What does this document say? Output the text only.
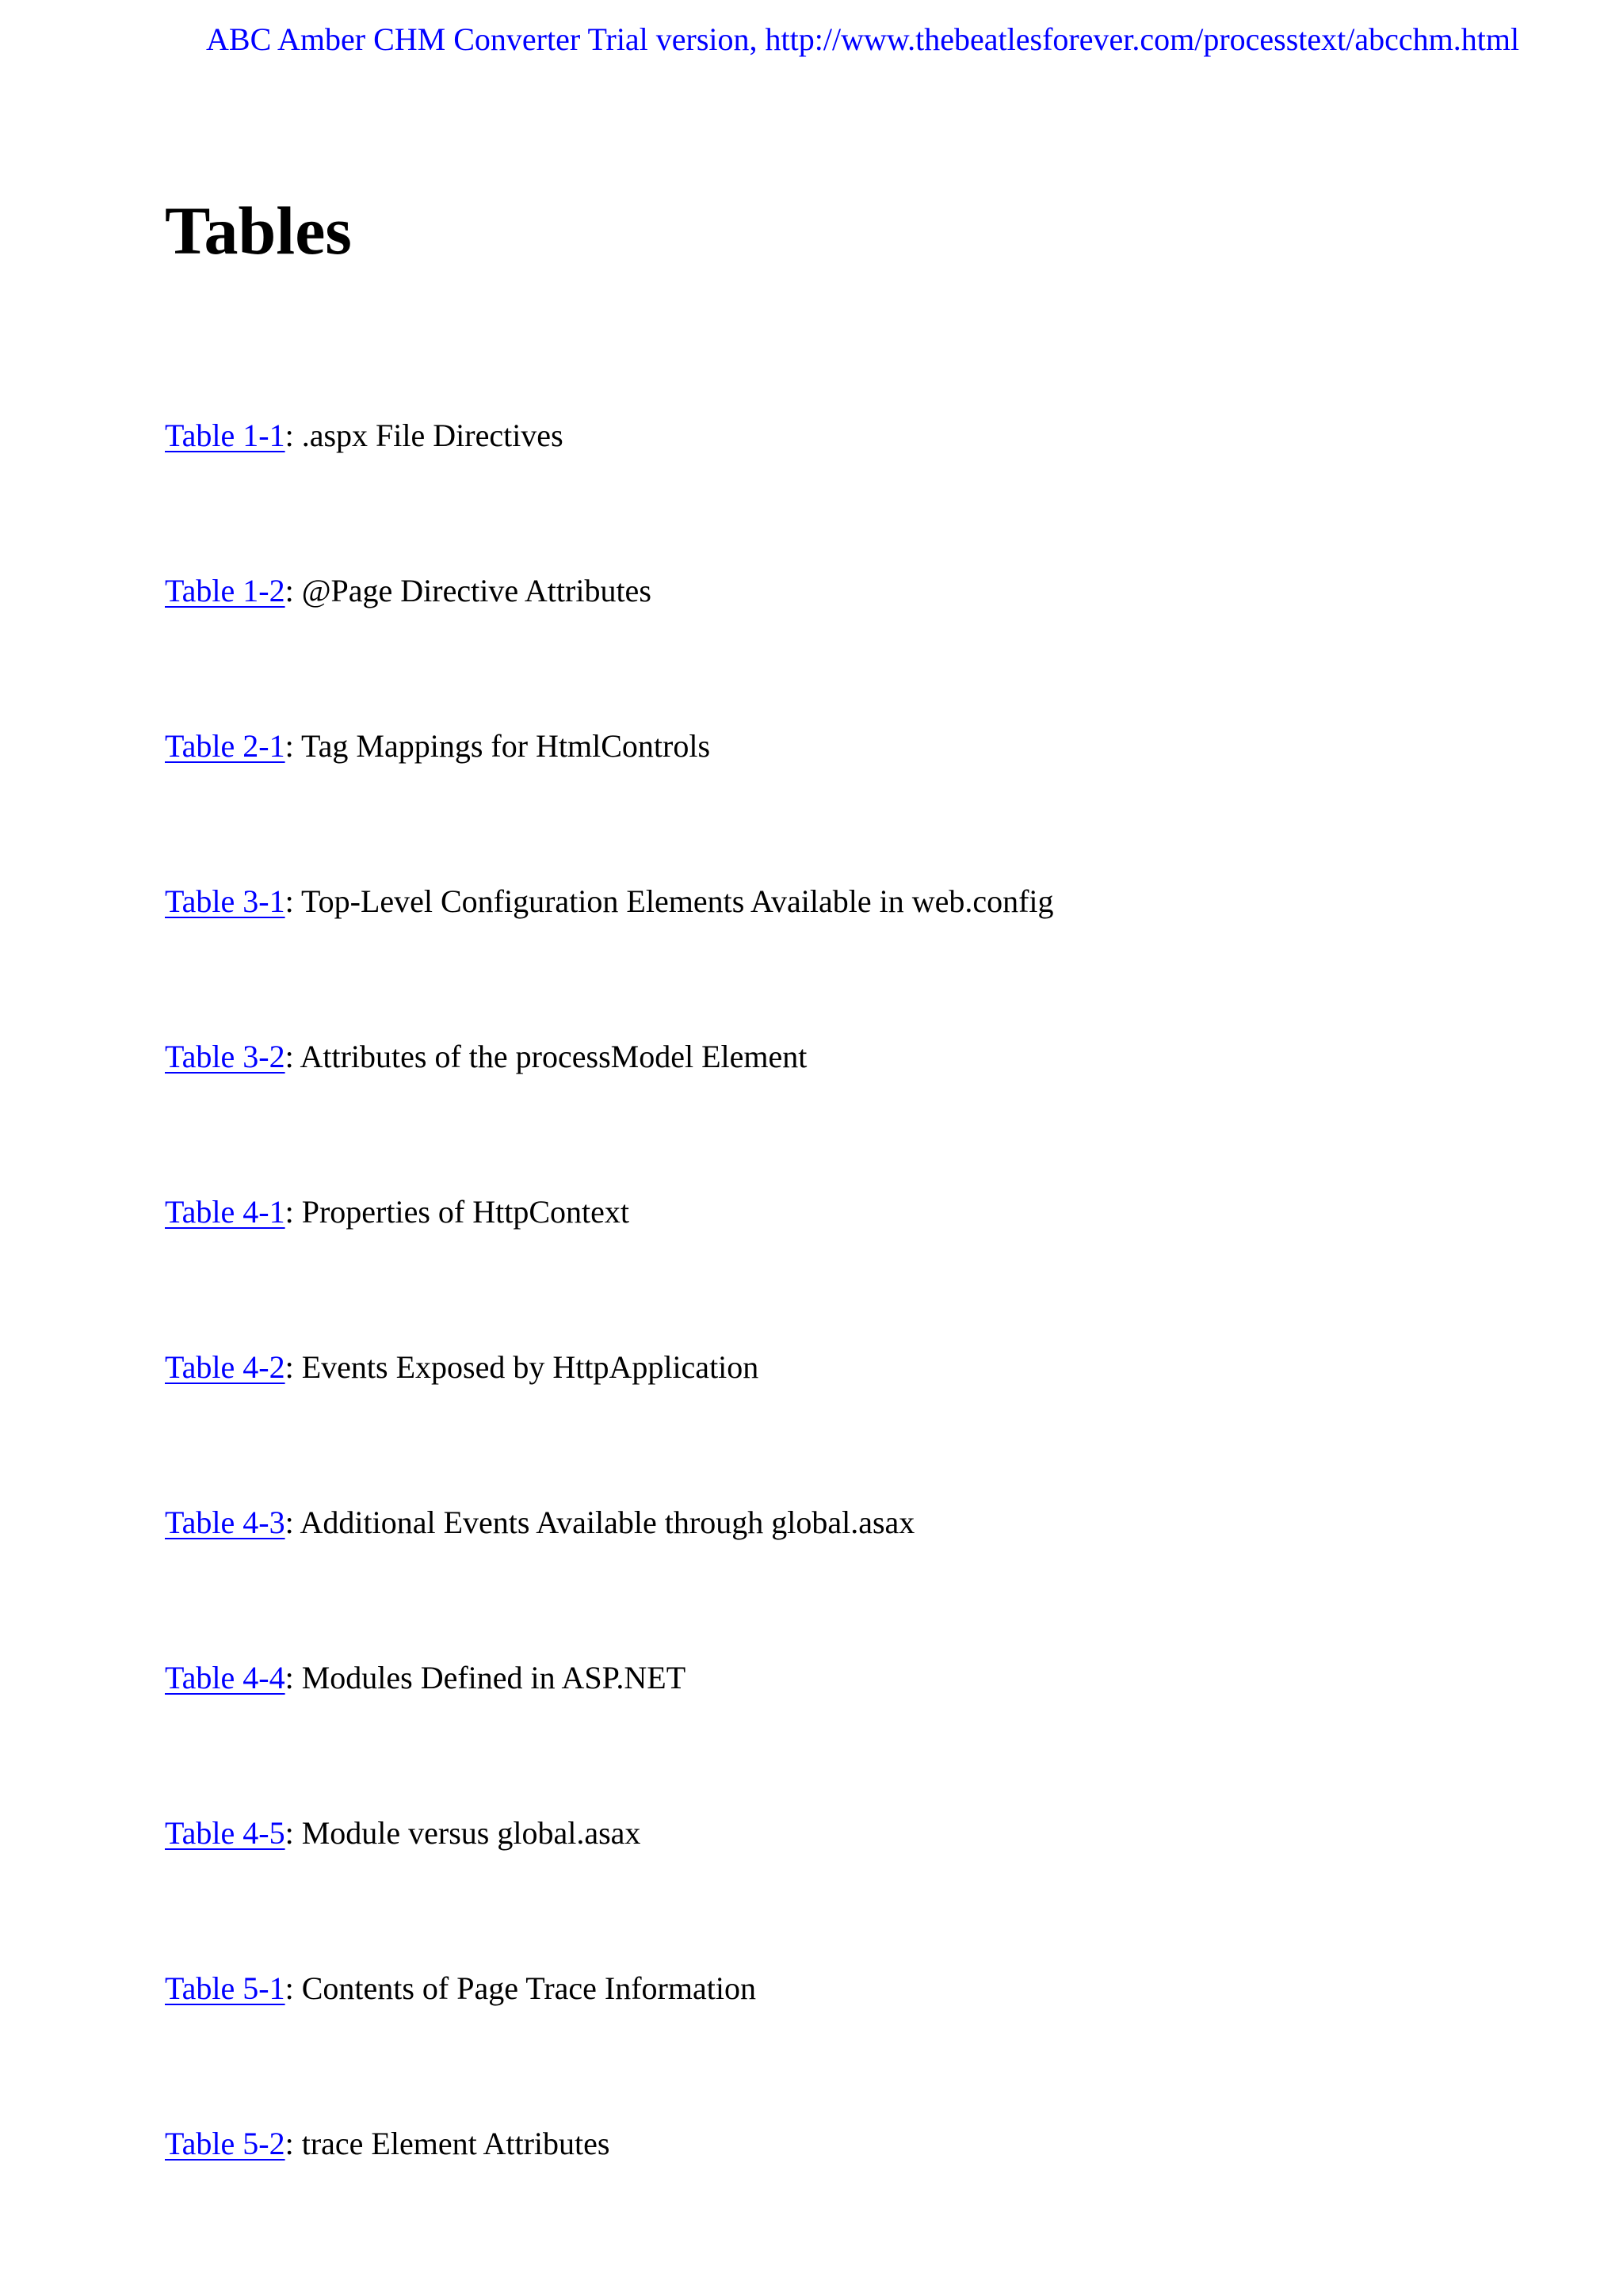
ABC Amber CHM Converter Trial version, http://www.thebeatlesforever.com/processtext/abcchm.html
Tables
Table 1-1: .aspx File Directives
Table 1-2: @Page Directive Attributes
Table 2-1: Tag Mappings for HtmlControls
Table 3-1: Top-Level Configuration Elements Available in web.config
Table 3-2: Attributes of the processModel Element
Table 4-1: Properties of HttpContext
Table 4-2: Events Exposed by HttpApplication
Table 4-3: Additional Events Available through global.asax
Table 4-4: Modules Defined in ASP.NET
Table 4-5: Module versus global.asax
Table 5-1: Contents of Page Trace Information
Table 5-2: trace Element Attributes
